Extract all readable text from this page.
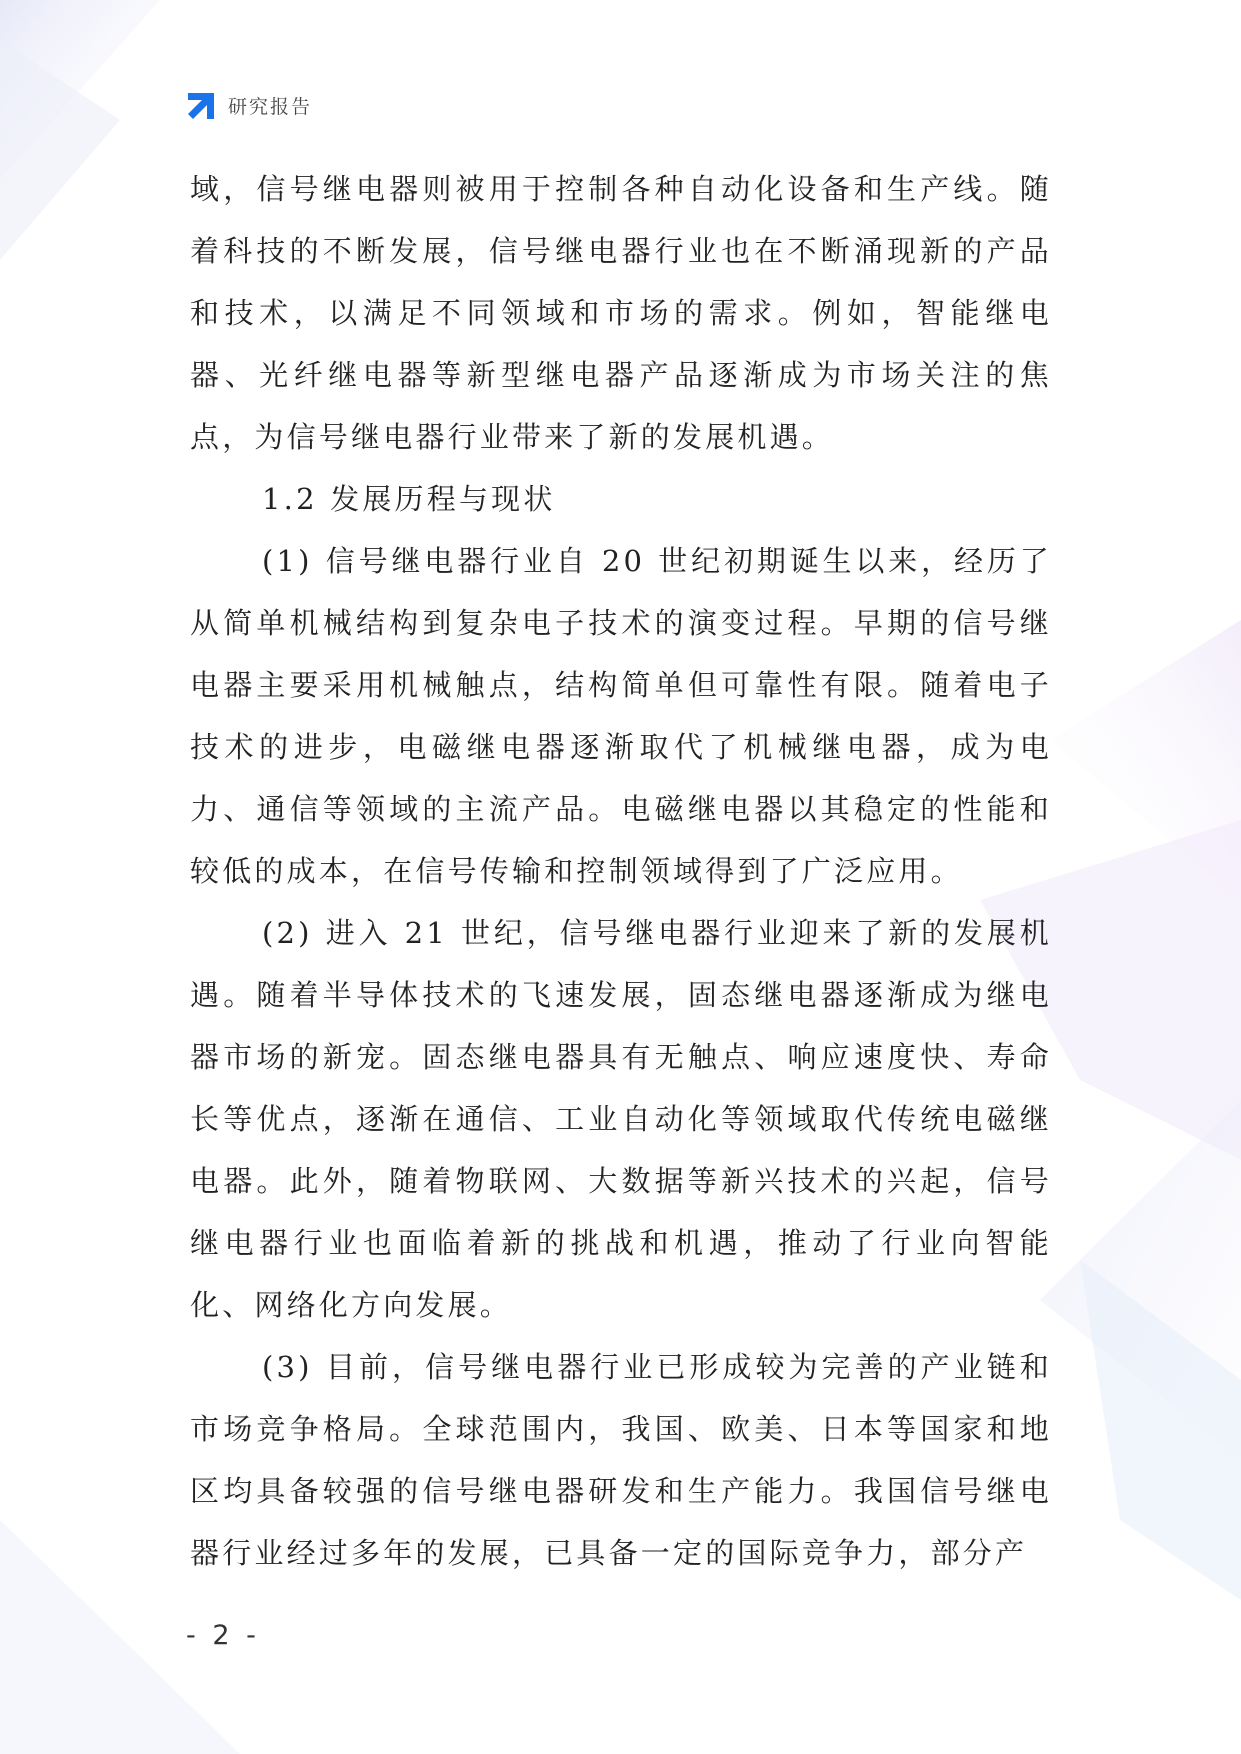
研究报告

域，信号继电器则被用于控制各种自动化设备和生产线。随着科技的不断发展，信号继电器行业也在不断涌现新的产品和技术，以满足不同领域和市场的需求。例如，智能继电器、光纤继电器等新型继电器产品逐渐成为市场关注的焦点，为信号继电器行业带来了新的发展机遇。

1.2 发展历程与现状

(1) 信号继电器行业自 20 世纪初期诞生以来，经历了从简单机械结构到复杂电子技术的演变过程。早期的信号继电器主要采用机械触点，结构简单但可靠性有限。随着电子技术的进步，电磁继电器逐渐取代了机械继电器，成为电力、通信等领域的主流产品。电磁继电器以其稳定的性能和较低的成本，在信号传输和控制领域得到了广泛应用。

(2) 进入 21 世纪，信号继电器行业迎来了新的发展机遇。随着半导体技术的飞速发展，固态继电器逐渐成为继电器市场的新宠。固态继电器具有无触点、响应速度快、寿命长等优点，逐渐在通信、工业自动化等领域取代传统电磁继电器。此外，随着物联网、大数据等新兴技术的兴起，信号继电器行业也面临着新的挑战和机遇，推动了行业向智能化、网络化方向发展。

(3) 目前，信号继电器行业已形成较为完善的产业链和市场竞争格局。全球范围内，我国、欧美、日本等国家和地区均具备较强的信号继电器研发和生产能力。我国信号继电器行业经过多年的发展，已具备一定的国际竞争力，部分产

- 2 -
